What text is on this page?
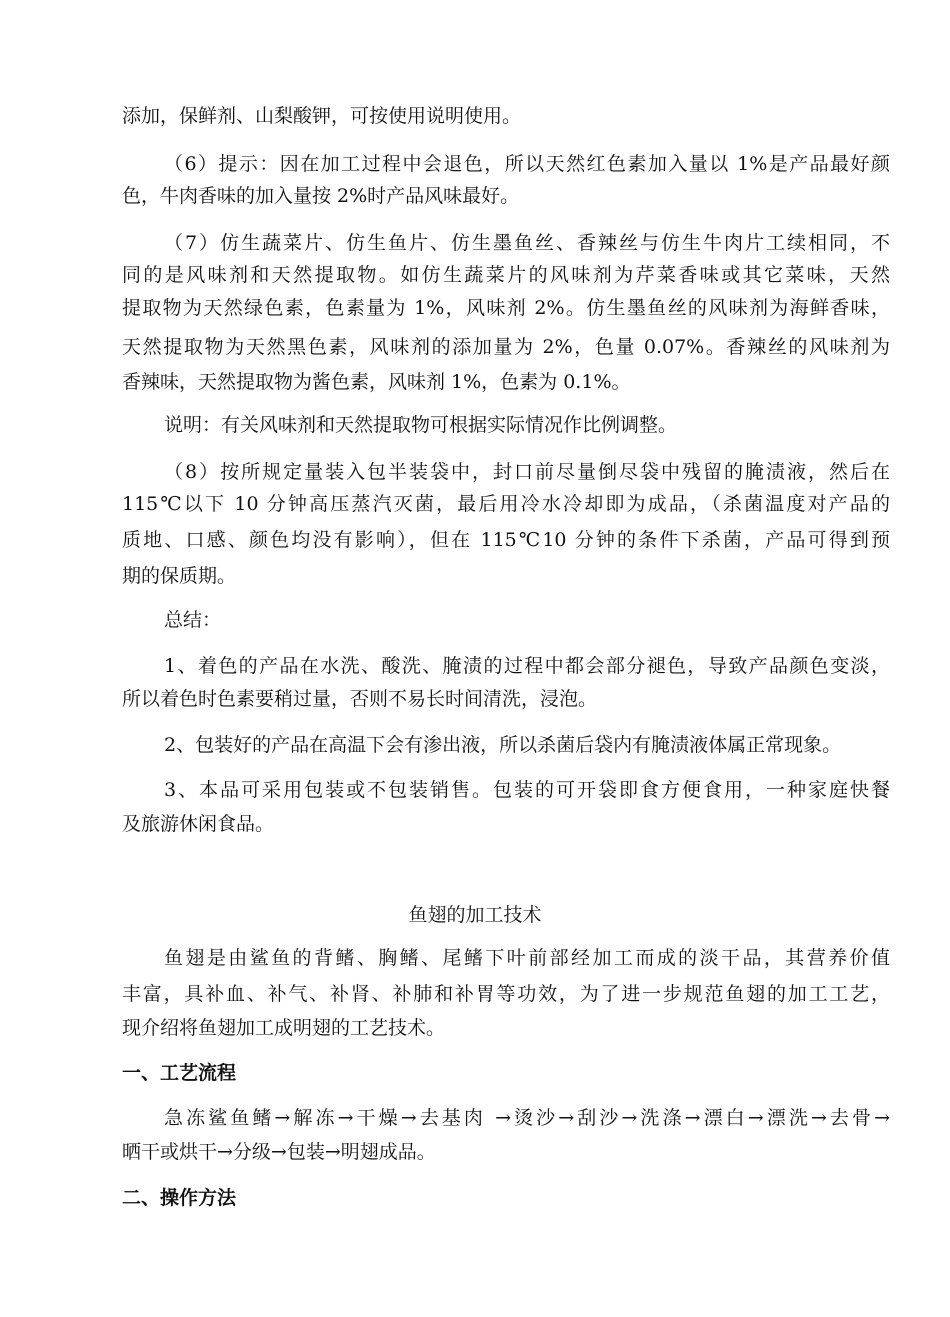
添加，保鲜剂、山梨酸钾，可按使用说明使用。
（6）提示：因在加工过程中会退色，所以天然红色素加入量以 1%是产品最好颜
色，牛肉香味的加入量按 2%时产品风味最好。
（7）仿生蔬菜片、仿生鱼片、仿生墨鱼丝、香辣丝与仿生牛肉片工续相同，不
同的是风味剂和天然提取物。如仿生蔬菜片的风味剂为芹菜香味或其它菜味，天然
提取物为天然绿色素，色素量为 1%，风味剂 2%。仿生墨鱼丝的风味剂为海鲜香味，
天然提取物为天然黑色素，风味剂的添加量为 2%，色量 0.07%。香辣丝的风味剂为
香辣味，天然提取物为酱色素，风味剂 1%，色素为 0.1%。
说明：有关风味剂和天然提取物可根据实际情况作比例调整。
（8）按所规定量装入包半装袋中，封口前尽量倒尽袋中残留的腌渍液，然后在
115℃以下 10 分钟高压蒸汽灭菌，最后用冷水冷却即为成品，（杀菌温度对产品的
质地、口感、颜色均没有影响），但在 115℃10 分钟的条件下杀菌，产品可得到预
期的保质期。
总结：
1、着色的产品在水洗、酸洗、腌渍的过程中都会部分褪色，导致产品颜色变淡，
所以着色时色素要稍过量，否则不易长时间清洗，浸泡。
2、包装好的产品在高温下会有渗出液，所以杀菌后袋内有腌渍液体属正常现象。
3、本品可采用包装或不包装销售。包装的可开袋即食方便食用，一种家庭快餐
及旅游休闲食品。
鱼翅的加工技术
鱼翅是由鲨鱼的背鳍、胸鳍、尾鳍下叶前部经加工而成的淡干品，其营养价值
丰富，具补血、补气、补肾、补肺和补胃等功效，为了进一步规范鱼翅的加工工艺，
现介绍将鱼翅加工成明翅的工艺技术。
一、工艺流程
急冻鲨鱼鳍→解冻→干燥→去基肉 →烫沙→刮沙→洗涤→漂白→漂洗→去骨→
晒干或烘干→分级→包装→明翅成品。
二、操作方法
